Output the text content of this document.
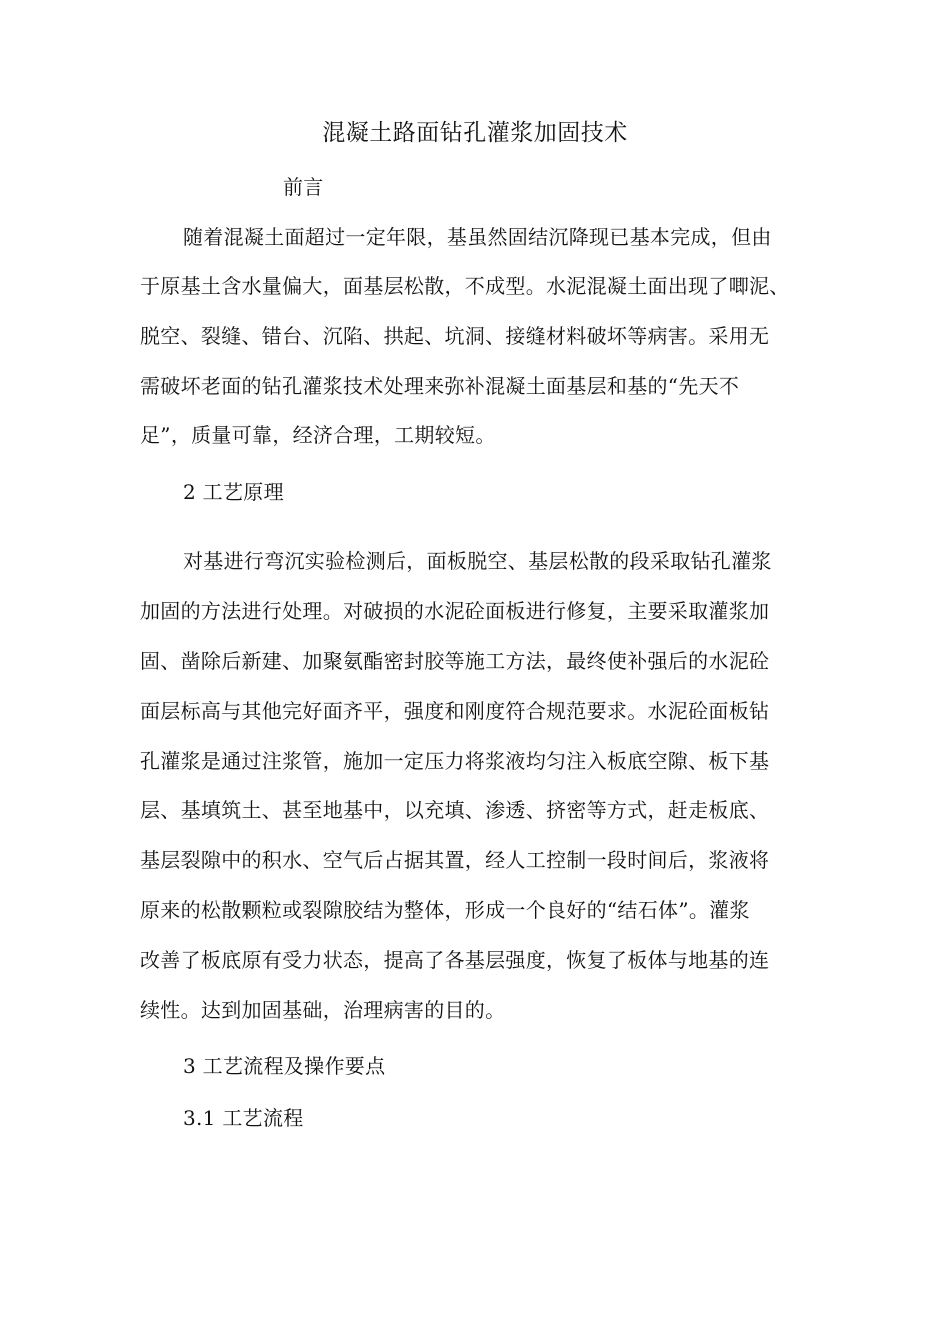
混凝土路面钻孔灌浆加固技术
前言
随着混凝土面超过一定年限，基虽然固结沉降现已基本完成，但由
于原基土含水量偏大，面基层松散，不成型。水泥混凝土面出现了唧泥、
脱空、裂缝、错台、沉陷、拱起、坑洞、接缝材料破坏等病害。采用无
需破坏老面的钻孔灌浆技术处理来弥补混凝土面基层和基的“先天不
足”，质量可靠，经济合理，工期较短。
2 工艺原理
对基进行弯沉实验检测后，面板脱空、基层松散的段采取钻孔灌浆
加固的方法进行处理。对破损的水泥砼面板进行修复，主要采取灌浆加
固、凿除后新建、加聚氨酯密封胶等施工方法，最终使补强后的水泥砼
面层标高与其他完好面齐平，强度和刚度符合规范要求。水泥砼面板钻
孔灌浆是通过注浆管，施加一定压力将浆液均匀注入板底空隙、板下基
层、基填筑土、甚至地基中，以充填、渗透、挤密等方式，赶走板底、
基层裂隙中的积水、空气后占据其置，经人工控制一段时间后，浆液将
原来的松散颗粒或裂隙胶结为整体，形成一个良好的“结石体”。灌浆
改善了板底原有受力状态，提高了各基层强度，恢复了板体与地基的连
续性。达到加固基础，治理病害的目的。
3 工艺流程及操作要点
3.1 工艺流程
